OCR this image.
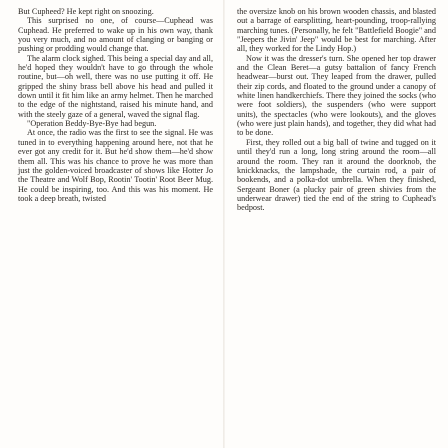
But Cupheed? He kept right on snoozing.

This surprised no one, of course—Cuphead was Cuphead. He preferred to wake up in his own way, thank you very much, and no amount of clanging or banging or pushing or prodding would change that.

The alarm clock sighed. This being a special day and all, he'd hoped they wouldn't have to go through the whole routine, but—oh well, there was no use putting it off. He gripped the shiny brass bell above his head and pulled it down until it fit him like an army helmet. Then he marched to the edge of the nightstand, raised his minute hand, and with the steely gaze of a general, waved the signal flag.

"Operation Beddy-Bye-Bye had begun.

At once, the radio was the first to see the signal. He was tuned in to everything happening around here, not that he ever got any credit for it. But he'd show them—he'd show them all. This was his chance to prove he was more than just the golden-voiced broadcaster of shows like Hotter Jo the Theatre and Wolf Bop, Rootin' Tootin' Root Beer Mug. He could be inspiring, too. And this was his moment. He took a deep breath, twisted

the oversize knob on his brown wooden chassis, and blasted out a barrage of earsplitting, heart-pounding, troop-rallying marching tunes. (Personally, he felt "Battlefield Boogie" and "Jeepers the Jivin' Jeep" would be best for marching. After all, they worked for the Lindy Hop.)

Now it was the dresser's turn. She opened her top drawer and the Clean Beret—a gutsy battalion of fancy French headwear—burst out. They leaped from the drawer, pulled their zip cords, and floated to the ground under a canopy of white linen handkerchiefs. There they joined the socks (who were foot soldiers), the suspenders (who were support units), the spectacles (who were lookouts), and the gloves (who were just plain hands), and together, they did what had to be done.

First, they rolled out a big ball of twine and tugged on it until they'd run a long, long string around the room—all around the room. They ran it around the doorknob, the knickknacks, the lampshade, the curtain rod, a pair of bookends, and a polka-dot umbrella. When they finished, Sergeant Boner (a plucky pair of green shivies from the underwear drawer) tied the end of the string to Cuphead's bedpost.
